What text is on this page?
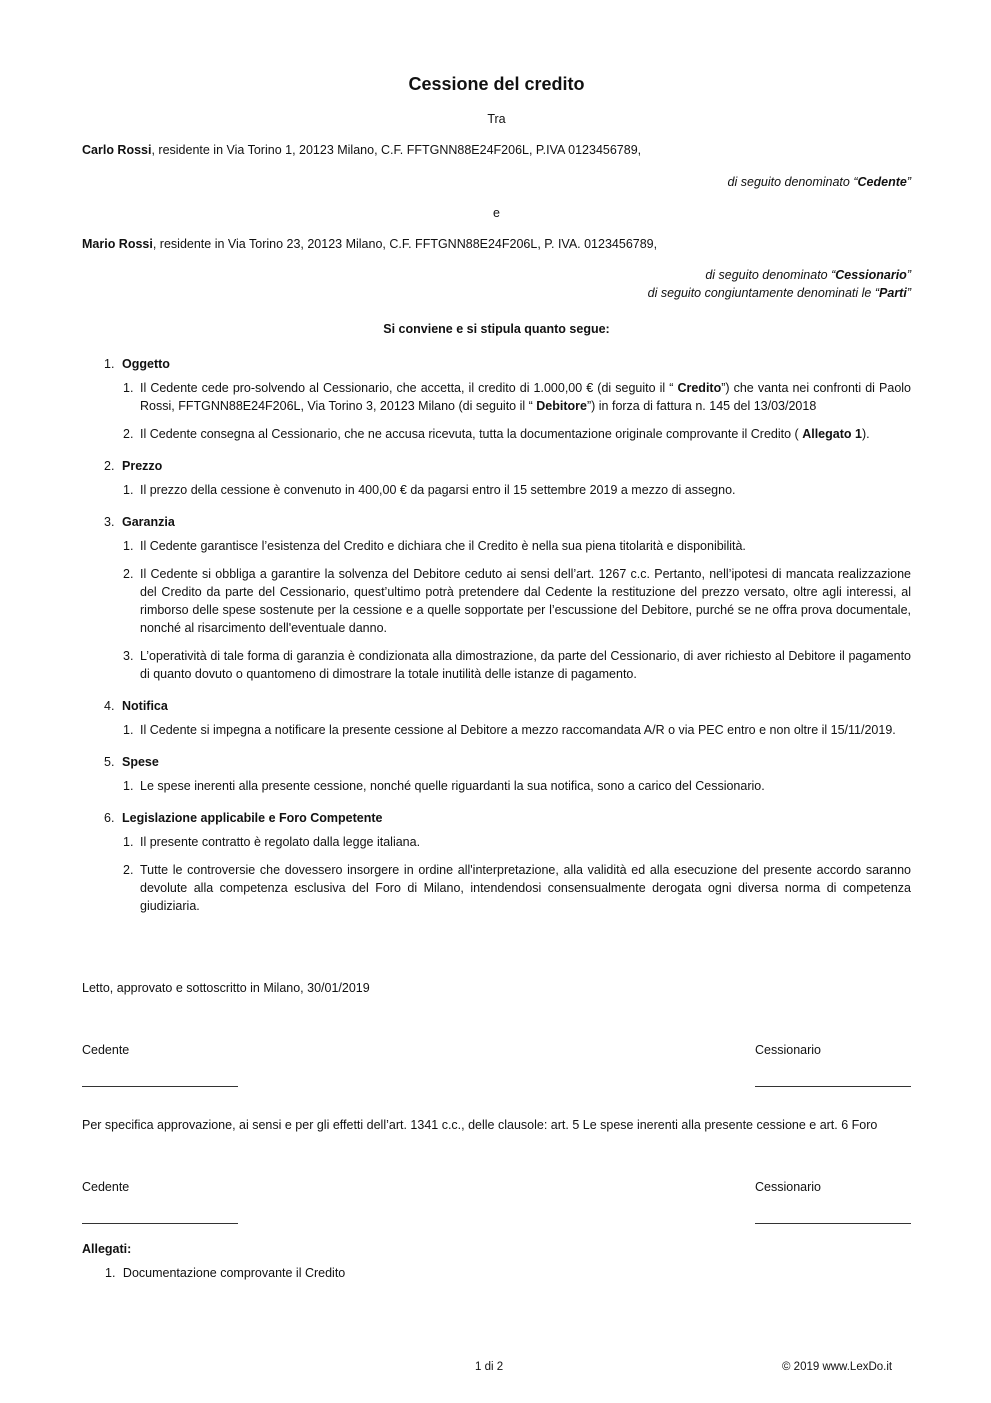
Cessione del credito
Tra
Carlo Rossi, residente in Via Torino 1, 20123 Milano, C.F. FFTGNN88E24F206L, P.IVA 0123456789,
di seguito denominato “Cedente”
e
Mario Rossi, residente in Via Torino 23, 20123 Milano, C.F. FFTGNN88E24F206L, P. IVA. 0123456789,
di seguito denominato “Cessionario”
di seguito congiuntamente denominati le “Parti”
Si conviene e si stipula quanto segue:
1. Oggetto
1. Il Cedente cede pro-solvendo al Cessionario, che accetta, il credito di 1.000,00 € (di seguito il “ Credito”) che vanta nei confronti di Paolo Rossi, FFTGNN88E24F206L, Via Torino 3, 20123 Milano (di seguito il “ Debitore”) in forza di fattura n. 145 del 13/03/2018
2. Il Cedente consegna al Cessionario, che ne accusa ricevuta, tutta la documentazione originale comprovante il Credito ( Allegato 1).
2. Prezzo
1. Il prezzo della cessione è convenuto in 400,00 € da pagarsi entro il 15 settembre 2019 a mezzo di assegno.
3. Garanzia
1. Il Cedente garantisce l’esistenza del Credito e dichiara che il Credito è nella sua piena titolarità e disponibilità.
2. Il Cedente si obbliga a garantire la solvenza del Debitore ceduto ai sensi dell’art. 1267 c.c. Pertanto, nell’ipotesi di mancata realizzazione del Credito da parte del Cessionario, quest’ultimo potrà pretendere dal Cedente la restituzione del prezzo versato, oltre agli interessi, al rimborso delle spese sostenute per la cessione e a quelle sopportate per l’escussione del Debitore, purché se ne offra prova documentale, nonché al risarcimento dell'eventuale danno.
3. L’operatività di tale forma di garanzia è condizionata alla dimostrazione, da parte del Cessionario, di aver richiesto al Debitore il pagamento di quanto dovuto o quantomeno di dimostrare la totale inutilità delle istanze di pagamento.
4. Notifica
1. Il Cedente si impegna a notificare la presente cessione al Debitore a mezzo raccomandata A/R o via PEC entro e non oltre il 15/11/2019.
5. Spese
1. Le spese inerenti alla presente cessione, nonché quelle riguardanti la sua notifica, sono a carico del Cessionario.
6. Legislazione applicabile e Foro Competente
1. Il presente contratto è regolato dalla legge italiana.
2. Tutte le controversie che dovessero insorgere in ordine all'interpretazione, alla validità ed alla esecuzione del presente accordo saranno devolute alla competenza esclusiva del Foro di Milano, intendendosi consensualmente derogata ogni diversa norma di competenza giudiziaria.
Letto, approvato e sottoscritto in Milano, 30/01/2019
Cedente	Cessionario
Per specifica approvazione, ai sensi e per gli effetti dell’art. 1341 c.c., delle clausole: art. 5 Le spese inerenti alla presente cessione e art. 6 Foro
Cedente	Cessionario
Allegati:
1. Documentazione comprovante il Credito
1 di 2	© 2019 www.LexDo.it
